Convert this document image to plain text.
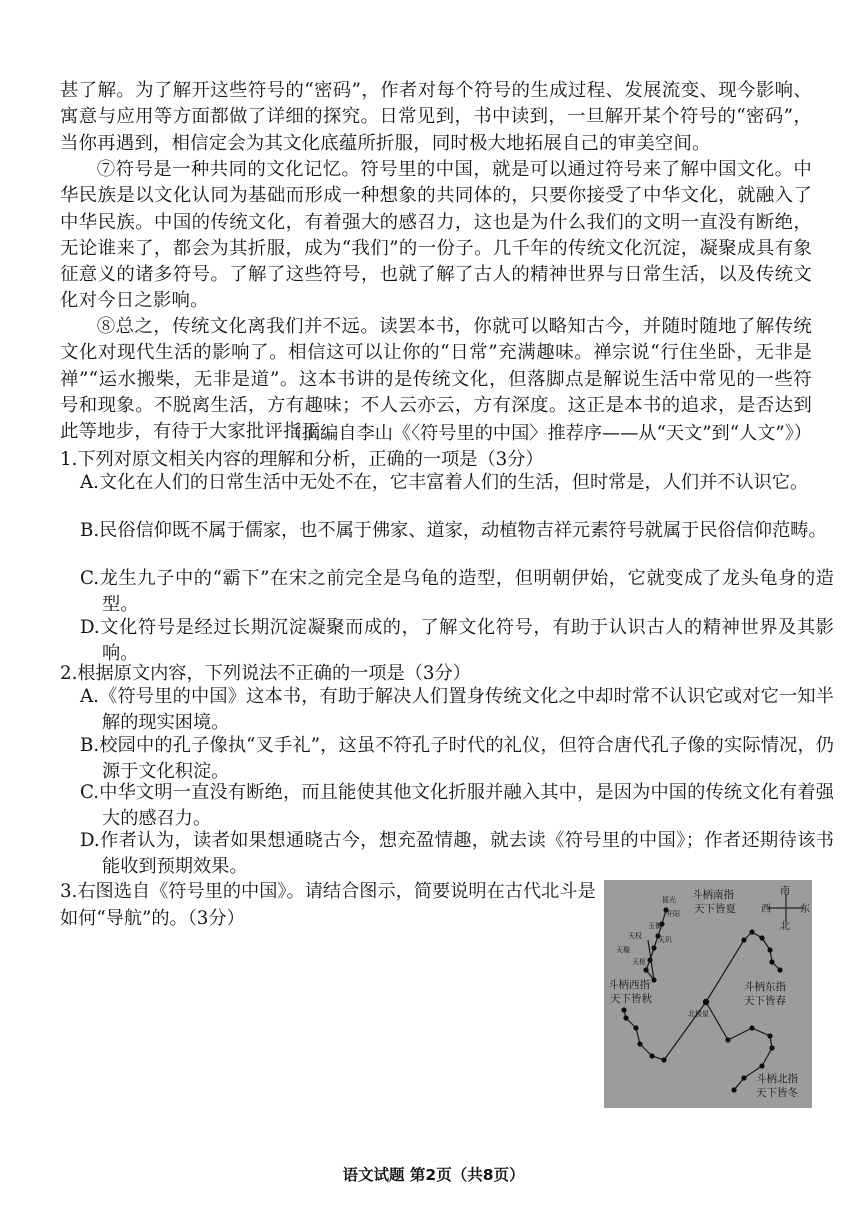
甚了解。为了解开这些符号的“密码”，作者对每个符号的生成过程、发展流变、现今影响、寓意与应用等方面都做了详细的探究。日常见到，书中读到，一旦解开某个符号的“密码”，当你再遇到，相信定会为其文化底蕴所折服，同时极大地拓展自己的审美空间。
⑦符号是一种共同的文化记忆。符号里的中国，就是可以通过符号来了解中国文化。中华民族是以文化认同为基础而形成一种想象的共同体的，只要你接受了中华文化，就融入了中华民族。中国的传统文化，有着强大的感召力，这也是为什么我们的文明一直没有断绝，无论谁来了，都会为其折服，成为“我们”的一份子。几千年的传统文化沉淀，凝聚成具有象征意义的诸多符号。了解了这些符号，也就了解了古人的精神世界与日常生活，以及传统文化对今日之影响。
⑧总之，传统文化离我们并不远。读罢本书，你就可以略知古今，并随时随地了解传统文化对现代生活的影响了。相信这可以让你的“日常”充满趣味。禅宗说“行住坐卧，无非是禅”“运水搬柴，无非是道”。这本书讲的是传统文化，但落脚点是解说生活中常见的一些符号和现象。不脱离生活，方有趣味；不人云亦云，方有深度。这正是本书的追求，是否达到此等地步，有待于大家批评指正。
（摘编自李山《〈符号里的中国〉推荐序——从“天文”到“人文”》）
1.下列对原文相关内容的理解和分析，正确的一项是（3分）
A.文化在人们的日常生活中无处不在，它丰富着人们的生活，但时常是，人们并不认识它。
B.民俗信仰既不属于儒家，也不属于佛家、道家，动植物吉祥元素符号就属于民俗信仰范畴。
C.龙生九子中的“霸下”在宋之前完全是乌龟的造型，但明朝伊始，它就变成了龙头龟身的造型。
D.文化符号是经过长期沉淀凝聚而成的，了解文化符号，有助于认识古人的精神世界及其影响。
2.根据原文内容，下列说法不正确的一项是（3分）
A.《符号里的中国》这本书，有助于解决人们置身传统文化之中却时常不认识它或对它一知半解的现实困境。
B.校园中的孔子像执“叉手礼”，这虽不符孔子时代的礼仪，但符合唐代孔子像的实际情况，仍源于文化积淀。
C.中华文明一直没有断绝，而且能使其他文化折服并融入其中，是因为中国的传统文化有着强大的感召力。
D.作者认为，读者如果想通晓古今，想充盈情趣，就去读《符号里的中国》；作者还期待该书能收到预期效果。
3.右图选自《符号里的中国》。请结合图示，简要说明在古代北斗是如何“导航”的。（3分）
南
西	东
北
摇光
开阳
玉衡
天权 天玑
天璇
天枢
北极星
斗柄南指
天下皆夏
斗柄西指
天下皆秋
斗柄东指
天下皆春
斗柄北指
天下皆冬
语文试题 第2页（共8页）
